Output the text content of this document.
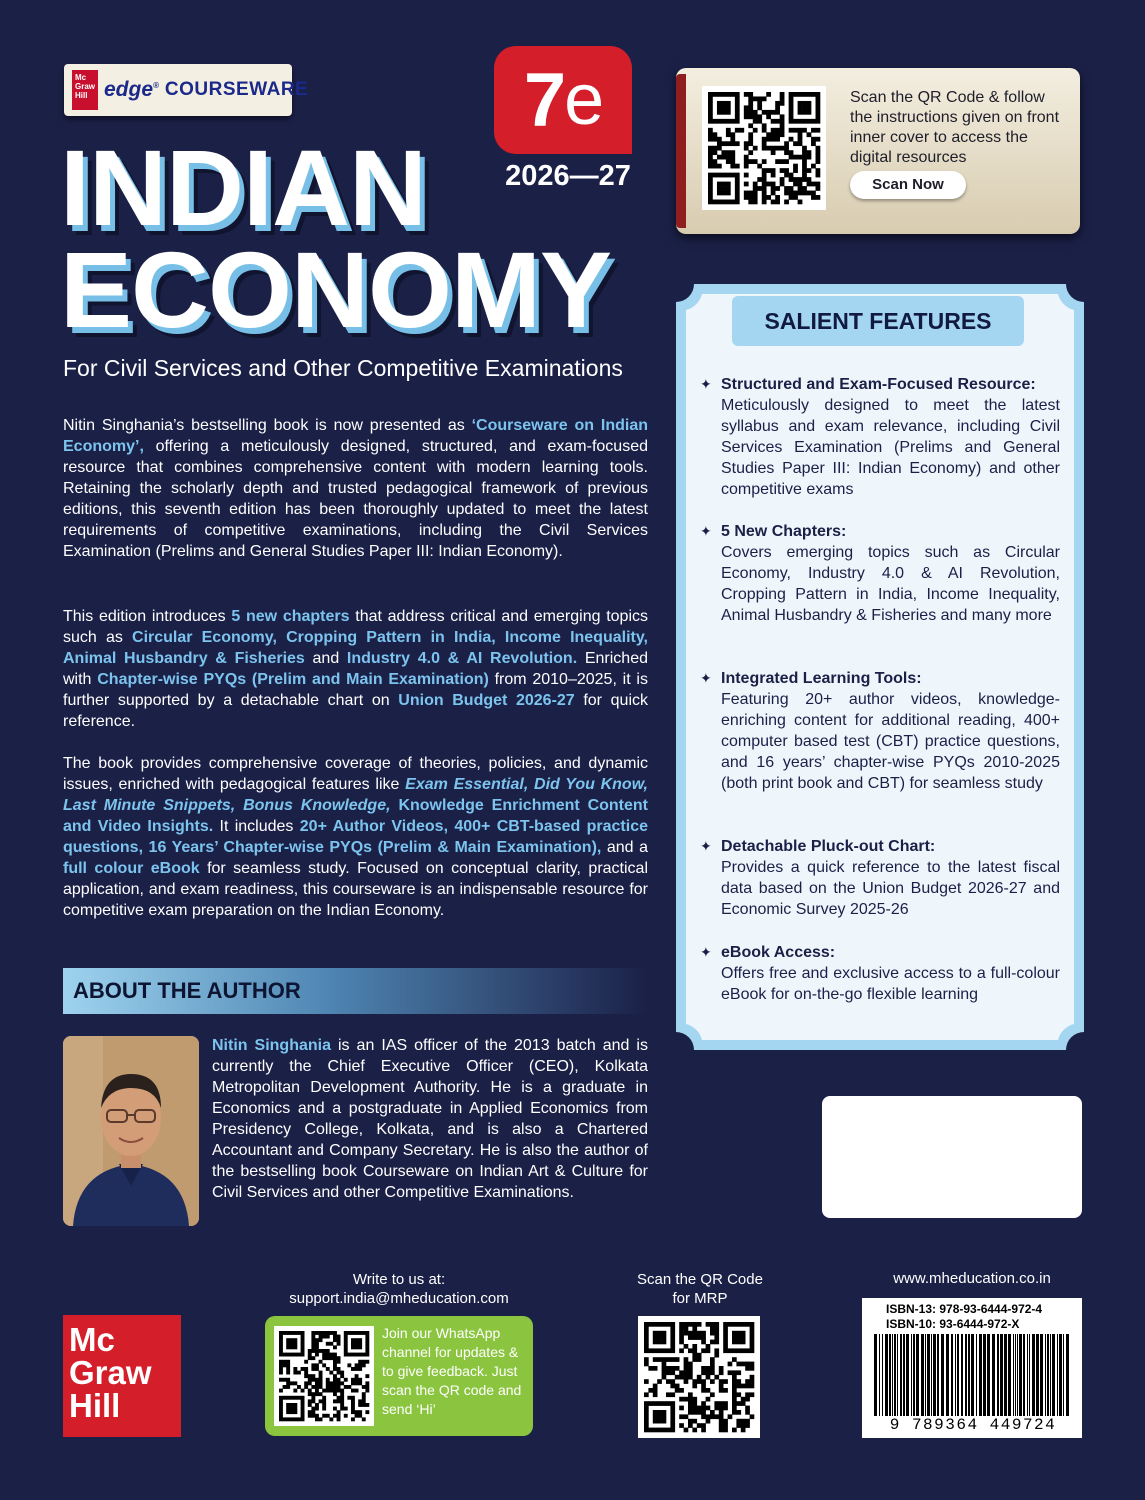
Mc Graw Hill edge® COURSEWARE	7 e
2026—27
INDIAN
ECONOMY
For Civil Services and Other Competitive Examinations
Nitin Singhania’s bestselling book is now presented as ‘Courseware on Indian Economy’, offering a meticulously designed, structured, and exam-focused resource that combines comprehensive content with modern learning tools. Retaining the scholarly depth and trusted pedagogical framework of previous editions, this seventh edition has been thoroughly updated to meet the latest requirements of competitive examinations, including the Civil Services Examination (Prelims and General Studies Paper III: Indian Economy).
This edition introduces 5 new chapters that address critical and emerging topics such as Circular Economy, Cropping Pattern in India, Income Inequality, Animal Husbandry & Fisheries and Industry 4.0 & AI Revolution. Enriched with Chapter-wise PYQs (Prelim and Main Examination) from 2010–2025, it is further supported by a detachable chart on Union Budget 2026-27 for quick reference.
The book provides comprehensive coverage of theories, policies, and dynamic issues, enriched with pedagogical features like Exam Essential, Did You Know, Last Minute Snippets, Bonus Knowledge, Knowledge Enrichment Content and Video Insights. It includes 20+ Author Videos, 400+ CBT-based practice questions, 16 Years’ Chapter-wise PYQs (Prelim & Main Examination), and a full colour eBook for seamless study. Focused on conceptual clarity, practical application, and exam readiness, this courseware is an indispensable resource for competitive exam preparation on the Indian Economy.
ABOUT THE AUTHOR
Nitin Singhania is an IAS officer of the 2013 batch and is currently the Chief Executive Officer (CEO), Kolkata Metropolitan Development Authority. He is a graduate in Economics and a postgraduate in Applied Economics from Presidency College, Kolkata, and is also a Chartered Accountant and Company Secretary. He is also the author of the bestselling book Courseware on Indian Art & Culture for Civil Services and other Competitive Examinations.
Scan the QR Code & follow the instructions given on front inner cover to access the digital resources
Scan Now
SALIENT FEATURES
✦ Structured and Exam-Focused Resource:
Meticulously designed to meet the latest syllabus and exam relevance, including Civil Services Examination (Prelims and General Studies Paper III: Indian Economy) and other competitive exams
✦ 5 New Chapters:
Covers emerging topics such as Circular Economy, Industry 4.0 & AI Revolution, Cropping Pattern in India, Income Inequality, Animal Husbandry & Fisheries and many more
✦ Integrated Learning Tools:
Featuring 20+ author videos, knowledge-enriching content for additional reading, 400+ computer based test (CBT) practice questions, and 16 years’ chapter-wise PYQs 2010-2025 (both print book and CBT) for seamless study
✦ Detachable Pluck-out Chart:
Provides a quick reference to the latest fiscal data based on the Union Budget 2026-27 and Economic Survey 2025-26
✦ eBook Access:
Offers free and exclusive access to a full-colour eBook for on-the-go flexible learning
Mc
Graw
Hill
Write to us at:
support.india@mheducation.com
Join our WhatsApp channel for updates & to give feedback. Just scan the QR code and send ‘Hi’
Scan the QR Code
for MRP
www.mheducation.co.in
ISBN-13: 978-93-6444-972-4
ISBN-10: 93-6444-972-X
9 789364 449724
